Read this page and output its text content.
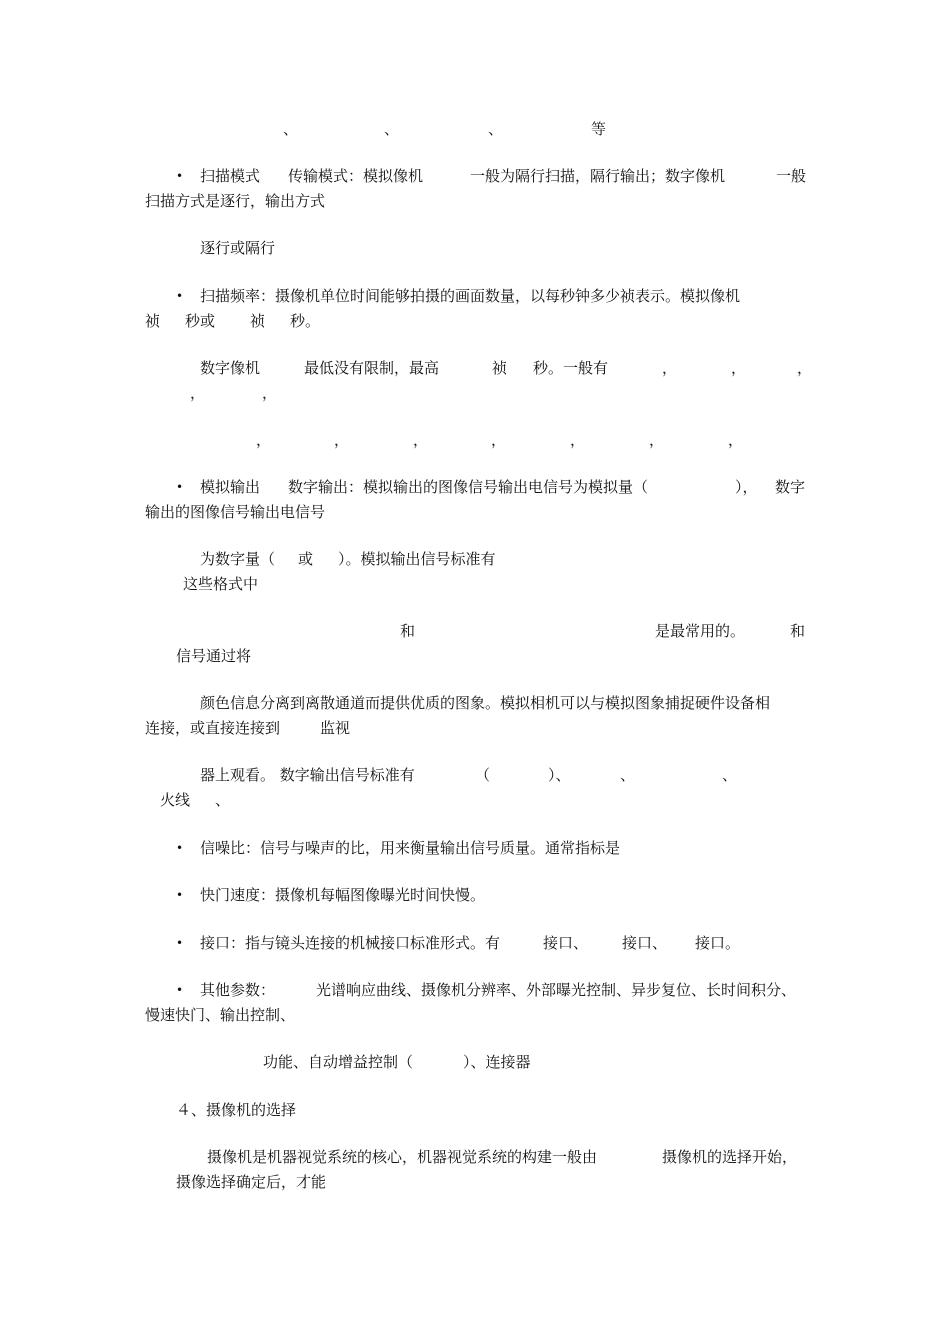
、	、	、	等
• 扫描模式 传输模式：模拟像机	一般为隔行扫描，隔行输出；数字像机	一般
扫描方式是逐行，输出方式
逐行或隔行
• 扫描频率：摄像机单位时间能够拍摄的画面数量，以每秒钟多少祯表示。模拟像机
祯 秒或 祯 秒。
数字像机	最低没有限制，最高	祯 秒。一般有	，	，	，
，	，
，	，	，	，	，	，	，
• 模拟输出 数字输出：模拟输出的图像信号输出电信号为模拟量（	）， 数字
输出的图像信号输出电信号
为数字量（ 或 ）。模拟输出信号标准有
这些格式中
和	是最常用的。	和
信号通过将
颜色信息分离到离散通道而提供优质的图象。模拟相机可以与模拟图象捕捉硬件设备相
连接，或直接连接到	监视
器上观看。 数字输出信号标准有	（	）、	、	、
火线 、
• 信噪比：信号与噪声的比，用来衡量输出信号质量。通常指标是
• 快门速度：摄像机每幅图像曝光时间快慢。
• 接口：指与镜头连接的机械接口标准形式。有	接口、 接口、 接口。
• 其他参数：	光谱响应曲线、摄像机分辨率、外部曝光控制、异步复位、长时间积分、
慢速快门、输出控制、
功能、自动增益控制（	）、连接器
４、摄像机的选择
摄像机是机器视觉系统的核心，机器视觉系统的构建一般由	摄像机的选择开始，
摄像选择确定后，才能
